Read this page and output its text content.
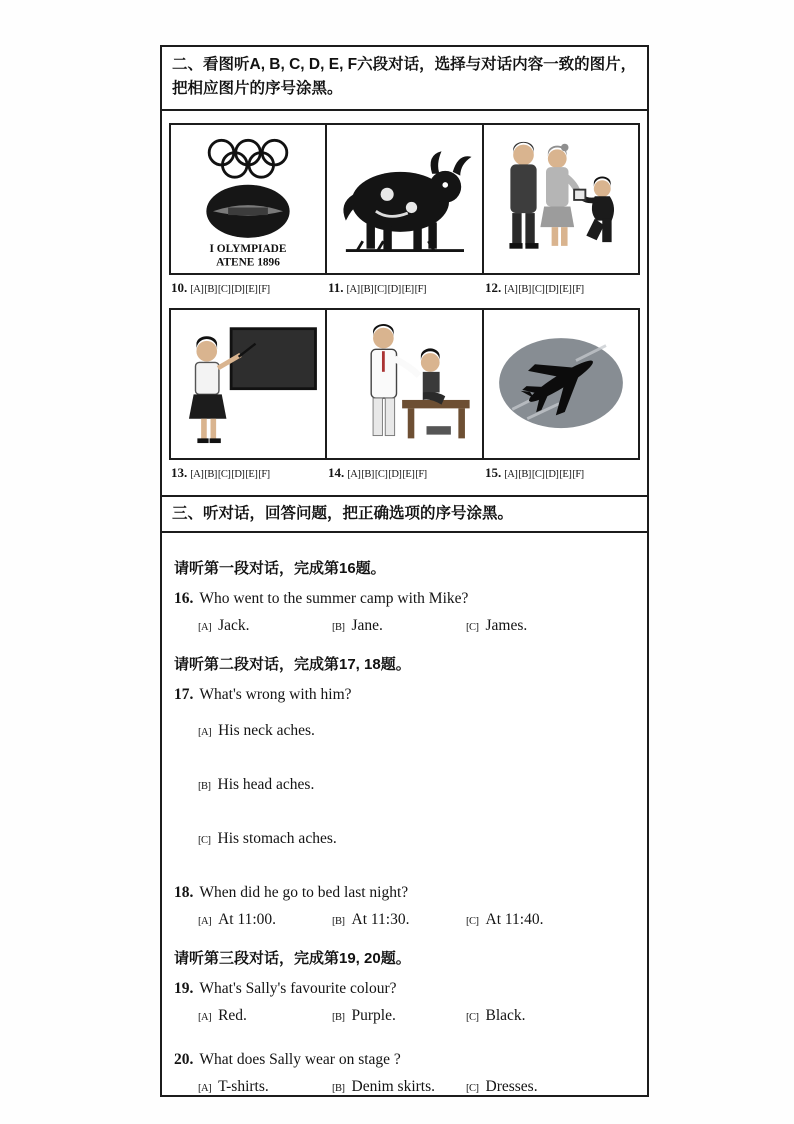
二、看图听A, B, C, D, E, F六段对话，选择与对话内容一致的图片，把相应图片的序号涂黑。
I OLYMPIADE
ATENE 1896
10. [A] [B] [C] [D] [E] [F]	11. [A] [B] [C] [D] [E] [F]	12. [A] [B] [C] [D] [E] [F]
13. [A] [B] [C] [D] [E] [F]	14. [A] [B] [C] [D] [E] [F]	15. [A] [B] [C] [D] [E] [F]
三、听对话，回答问题，把正确选项的序号涂黑。
请听第一段对话，完成第16题。
16. Who went to the summer camp with Mike?
[A] Jack.	[B] Jane.	[C] James.
请听第二段对话，完成第17, 18题。
17. What's wrong with him?
[A] His neck aches.
[B] His head aches.
[C] His stomach aches.
18. When did he go to bed last night?
[A] At 11:00.	[B] At 11:30.	[C] At 11:40.
请听第三段对话，完成第19, 20题。
19. What's Sally's favourite colour?
[A] Red.	[B] Purple.	[C] Black.
20. What does Sally wear on stage ?
[A] T-shirts.	[B] Denim skirts.	[C] Dresses.
